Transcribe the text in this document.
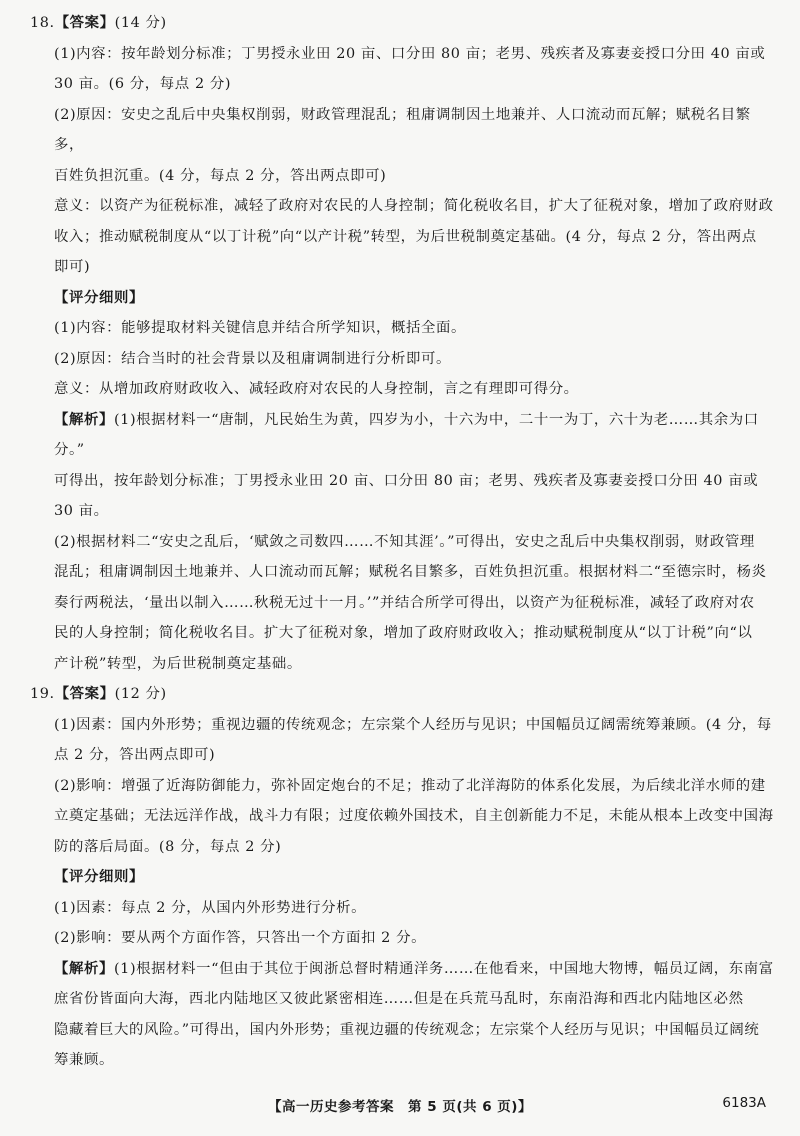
18.【答案】(14 分)

(1)内容：按年龄划分标准；丁男授永业田 20 亩、口分田 80 亩；老男、残疾者及寡妻妾授口分田 40 亩或

30 亩。(6 分，每点 2 分)

(2)原因：安史之乱后中央集权削弱，财政管理混乱；租庸调制因土地兼并、人口流动而瓦解；赋税名目繁多，

百姓负担沉重。(4 分，每点 2 分，答出两点即可)

意义：以资产为征税标准，减轻了政府对农民的人身控制；简化税收名目，扩大了征税对象，增加了政府财政

收入；推动赋税制度从“以丁计税”向“以产计税”转型，为后世税制奠定基础。(4 分，每点 2 分，答出两点

即可)

【评分细则】

(1)内容：能够提取材料关键信息并结合所学知识，概括全面。

(2)原因：结合当时的社会背景以及租庸调制进行分析即可。

意义：从增加政府财政收入、减轻政府对农民的人身控制，言之有理即可得分。

【解析】(1)根据材料一“唐制，凡民始生为黄，四岁为小，十六为中，二十一为丁，六十为老……其余为口分。”

可得出，按年龄划分标准；丁男授永业田 20 亩、口分田 80 亩；老男、残疾者及寡妻妾授口分田 40 亩或

30 亩。

(2)根据材料二“安史之乱后，‘赋敛之司数四……不知其涯’。”可得出，安史之乱后中央集权削弱，财政管理

混乱；租庸调制因土地兼并、人口流动而瓦解；赋税名目繁多，百姓负担沉重。根据材料二“至德宗时，杨炎

奏行两税法，‘量出以制入……秋税无过十一月。’”并结合所学可得出，以资产为征税标准，减轻了政府对农

民的人身控制；简化税收名目。扩大了征税对象，增加了政府财政收入；推动赋税制度从“以丁计税”向“以

产计税”转型，为后世税制奠定基础。

19.【答案】(12 分)

(1)因素：国内外形势；重视边疆的传统观念；左宗棠个人经历与见识；中国幅员辽阔需统筹兼顾。(4 分，每

点 2 分，答出两点即可)

(2)影响：增强了近海防御能力，弥补固定炮台的不足；推动了北洋海防的体系化发展，为后续北洋水师的建

立奠定基础；无法远洋作战，战斗力有限；过度依赖外国技术，自主创新能力不足，未能从根本上改变中国海

防的落后局面。(8 分，每点 2 分)

【评分细则】

(1)因素：每点 2 分，从国内外形势进行分析。

(2)影响：要从两个方面作答，只答出一个方面扣 2 分。

【解析】(1)根据材料一“但由于其位于闽浙总督时精通洋务……在他看来，中国地大物博，幅员辽阔，东南富

庶省份皆面向大海，西北内陆地区又彼此紧密相连……但是在兵荒马乱时，东南沿海和西北内陆地区必然

隐藏着巨大的风险。”可得出，国内外形势；重视边疆的传统观念；左宗棠个人经历与见识；中国幅员辽阔统

筹兼顾。

【高一历史参考答案　第 5 页(共 6 页)】	6183A
